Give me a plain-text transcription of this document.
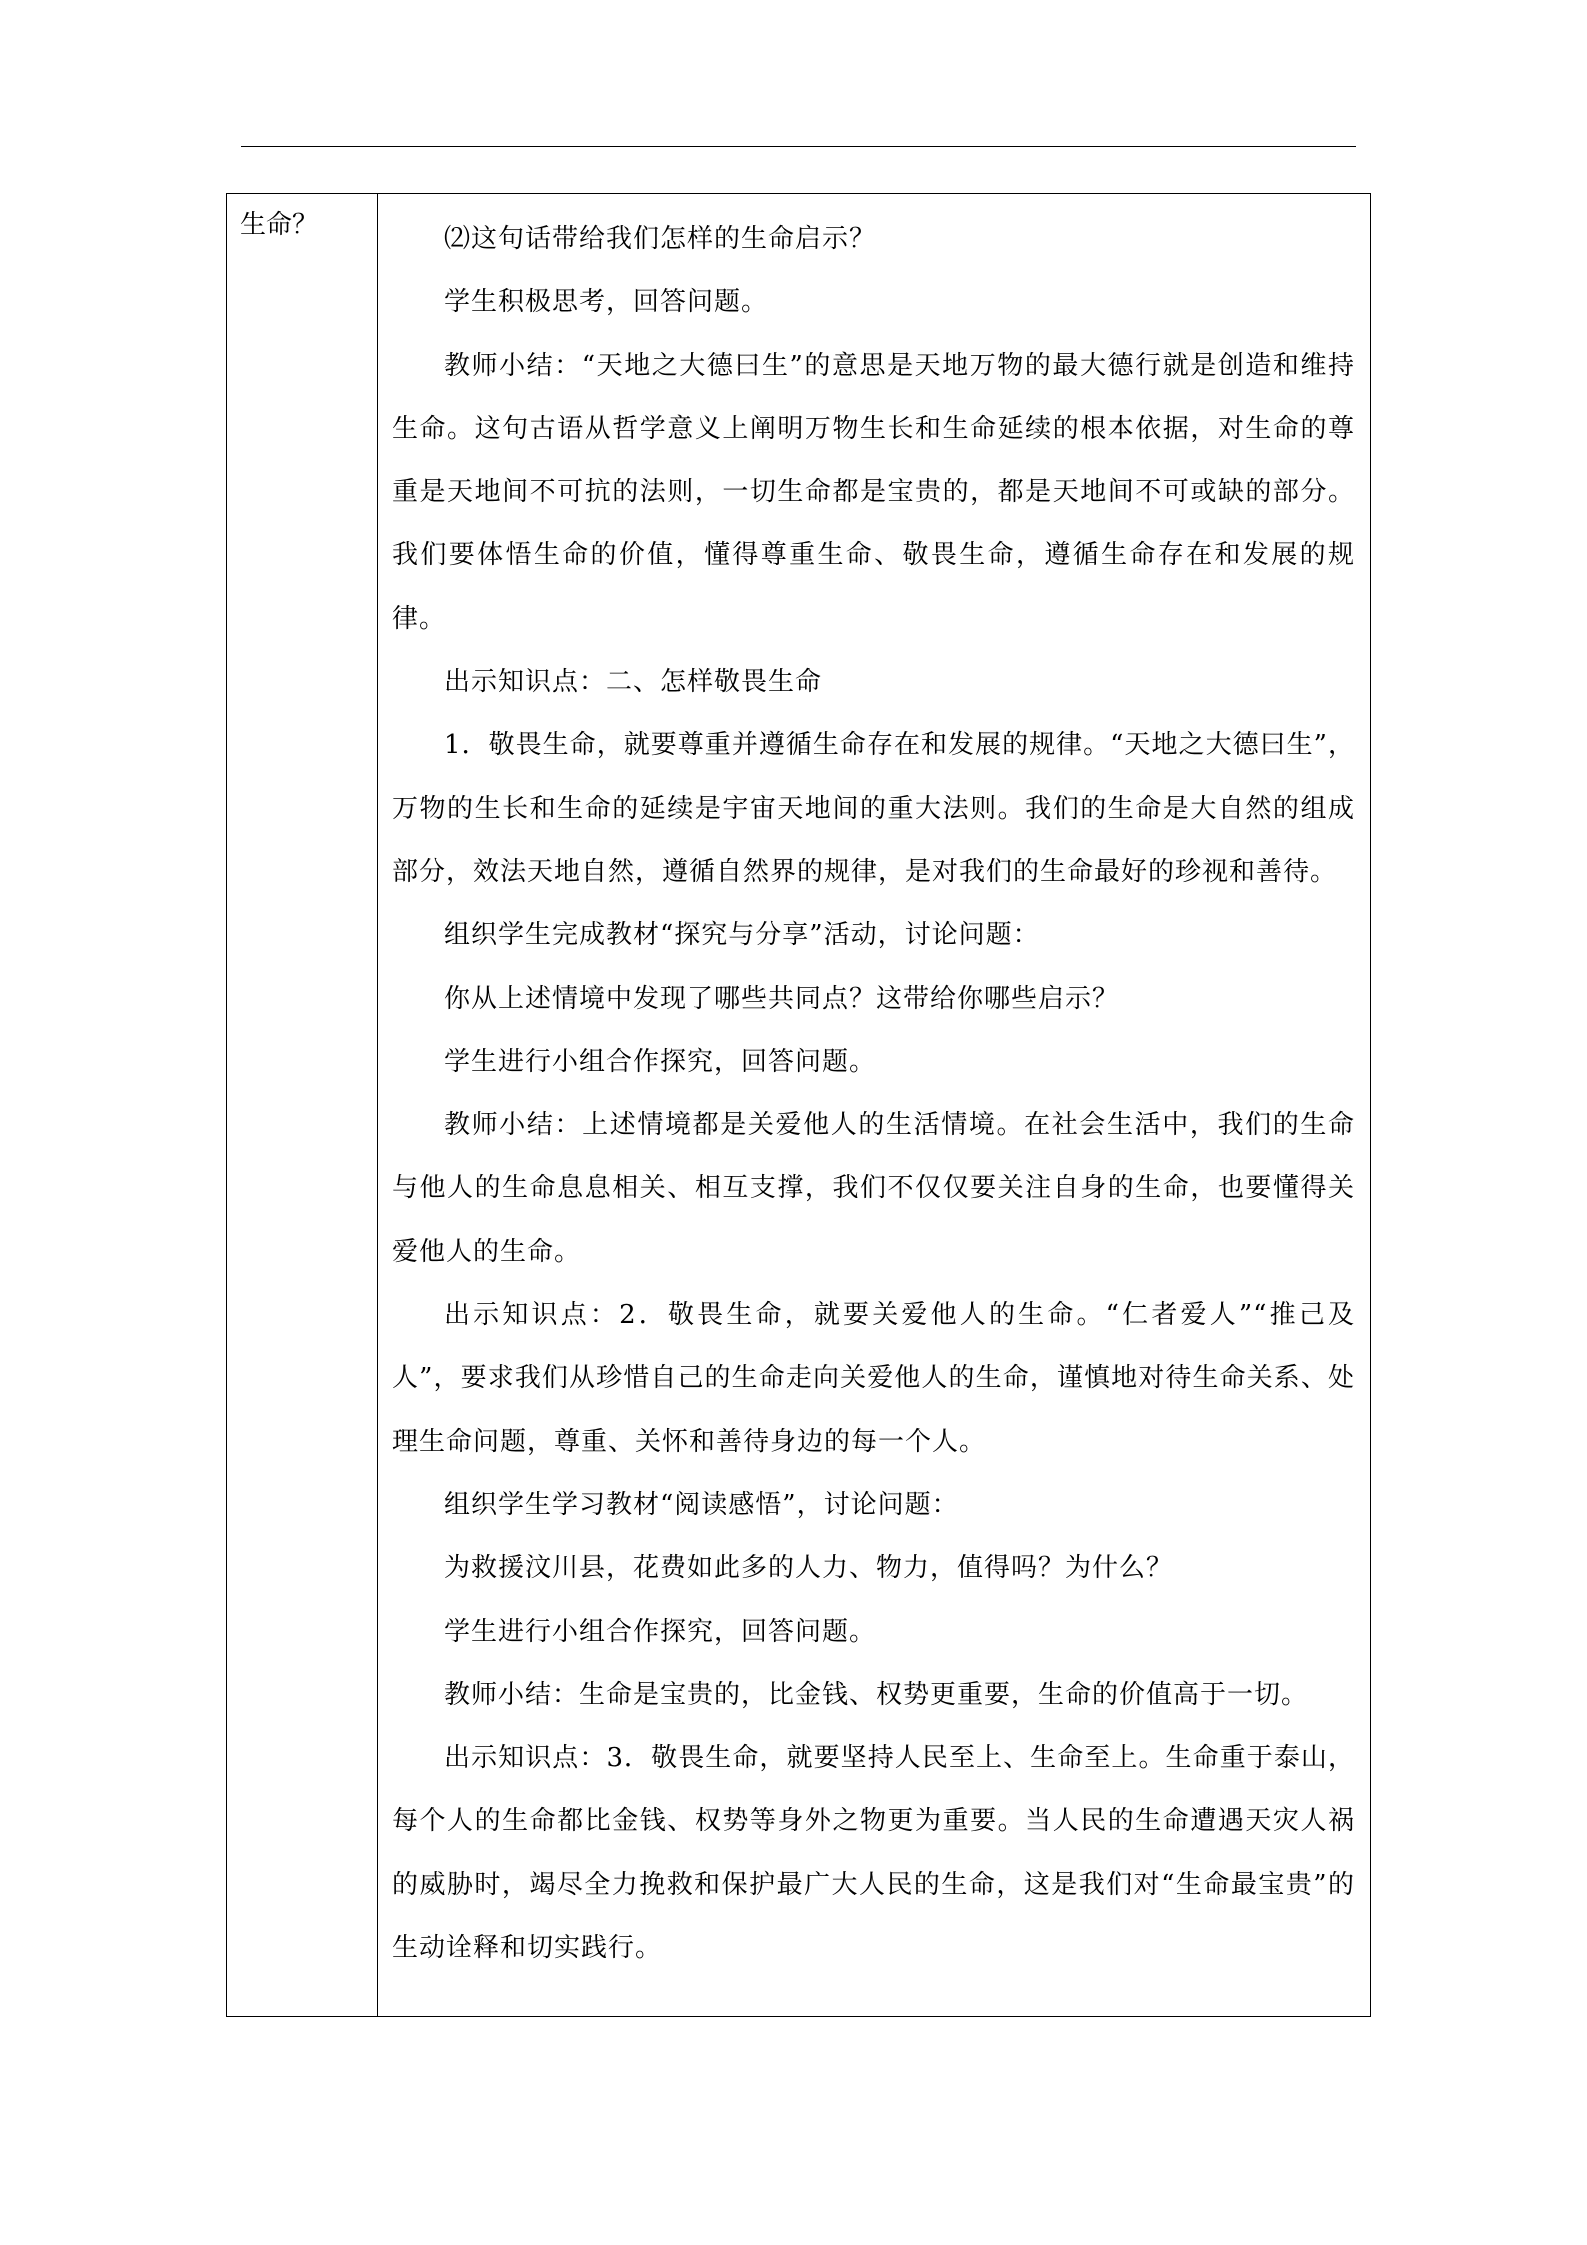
生命？	⑵这句话带给我们怎样的生命启示？

学生积极思考，回答问题。

教师小结：“天地之大德曰生”的意思是天地万物的最大德行就是创造和维持生命。这句古语从哲学意义上阐明万物生长和生命延续的根本依据，对生命的尊重是天地间不可抗的法则，一切生命都是宝贵的，都是天地间不可或缺的部分。我们要体悟生命的价值，懂得尊重生命、敬畏生命，遵循生命存在和发展的规律。

出示知识点：二、怎样敬畏生命

1．敬畏生命，就要尊重并遵循生命存在和发展的规律。“天地之大德曰生”，万物的生长和生命的延续是宇宙天地间的重大法则。我们的生命是大自然的组成部分，效法天地自然，遵循自然界的规律，是对我们的生命最好的珍视和善待。

组织学生完成教材“探究与分享”活动，讨论问题：

你从上述情境中发现了哪些共同点？这带给你哪些启示？

学生进行小组合作探究，回答问题。

教师小结：上述情境都是关爱他人的生活情境。在社会生活中，我们的生命与他人的生命息息相关、相互支撑，我们不仅仅要关注自身的生命，也要懂得关爱他人的生命。

出示知识点：2．敬畏生命，就要关爱他人的生命。“仁者爱人”“推己及人”，要求我们从珍惜自己的生命走向关爱他人的生命，谨慎地对待生命关系、处理生命问题，尊重、关怀和善待身边的每一个人。

组织学生学习教材“阅读感悟”，讨论问题：

为救援汶川县，花费如此多的人力、物力，值得吗？为什么？

学生进行小组合作探究，回答问题。

教师小结：生命是宝贵的，比金钱、权势更重要，生命的价值高于一切。

出示知识点：3．敬畏生命，就要坚持人民至上、生命至上。生命重于泰山，每个人的生命都比金钱、权势等身外之物更为重要。当人民的生命遭遇天灾人祸的威胁时，竭尽全力挽救和保护最广大人民的生命，这是我们对“生命最宝贵”的生动诠释和切实践行。
